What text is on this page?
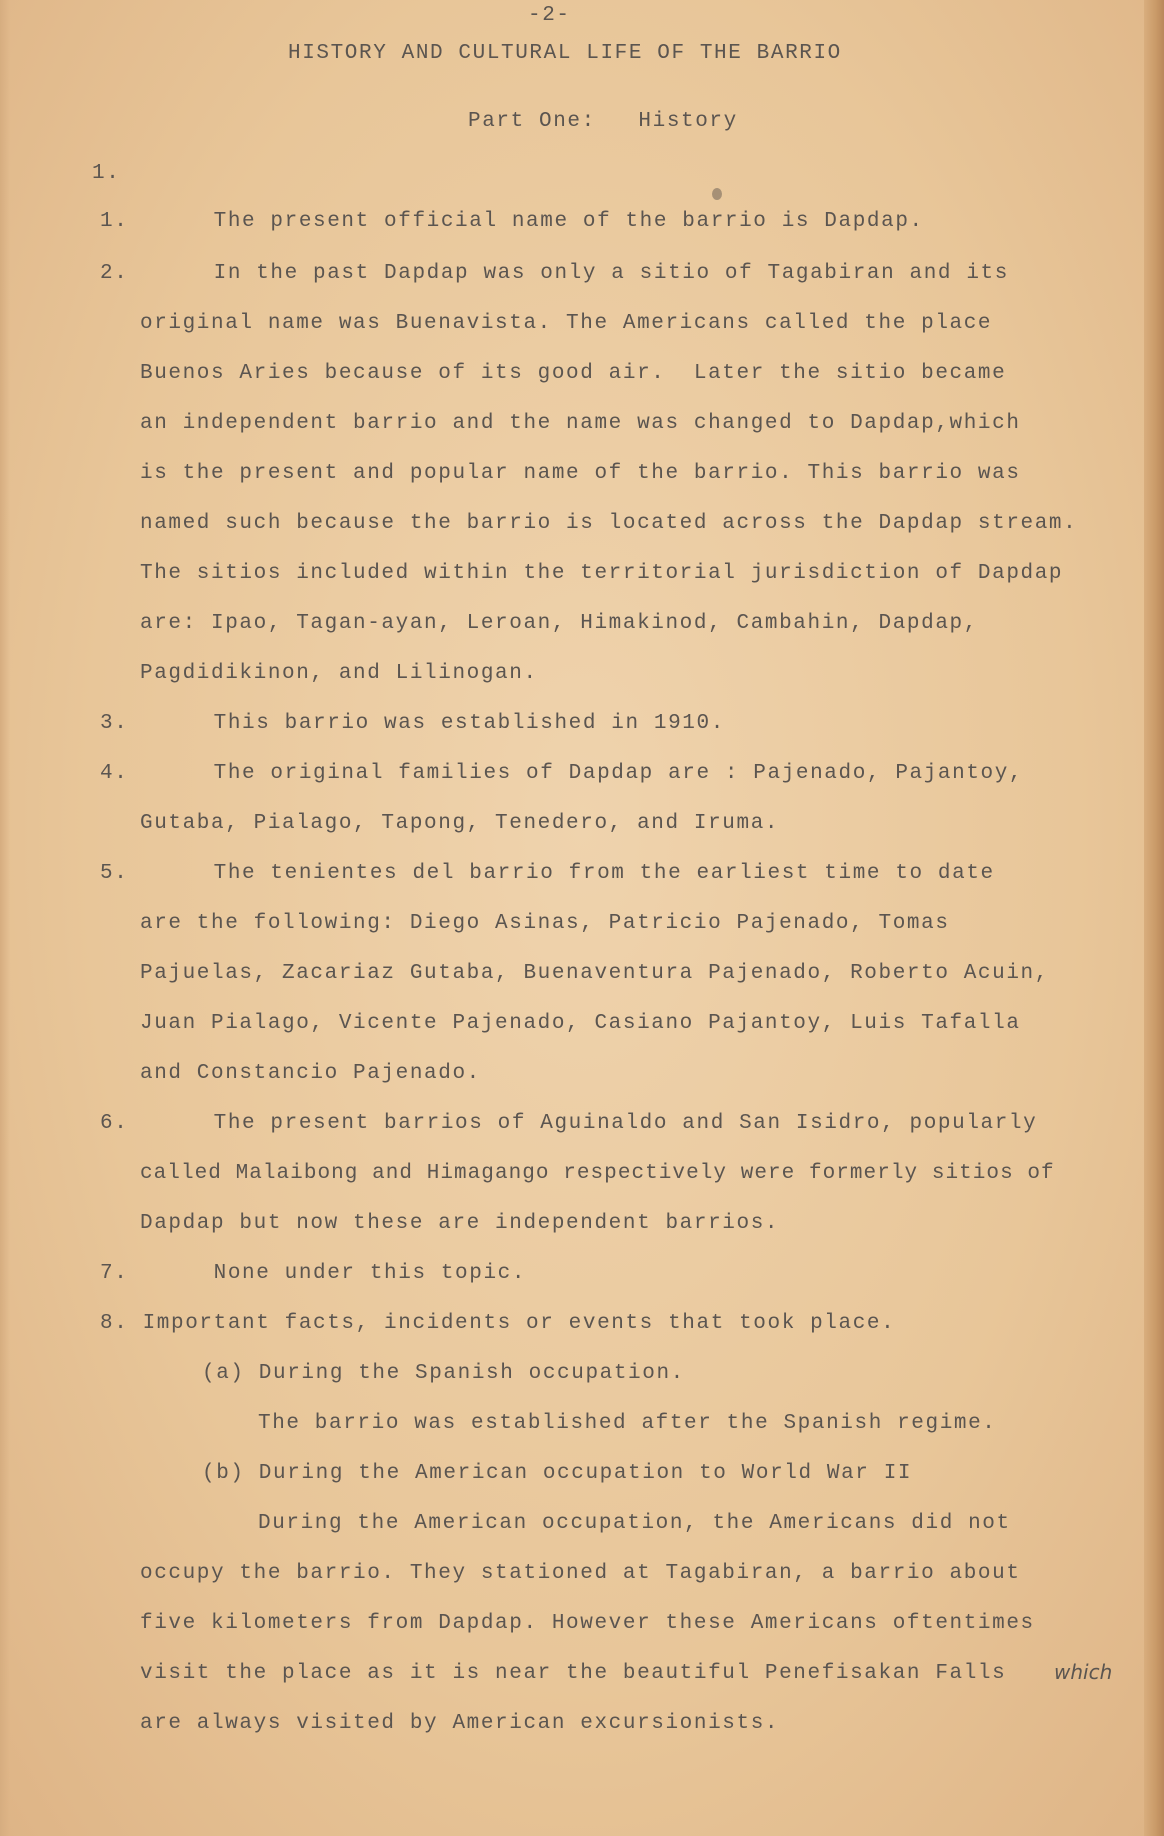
-2-
HISTORY AND CULTURAL LIFE OF THE BARRIO
Part One:   History
1.
1.      The present official name of the barrio is Dapdap.
2.      In the past Dapdap was only a sitio of Tagabiran and its
original name was Buenavista. The Americans called the place
Buenos Aries because of its good air.  Later the sitio became
an independent barrio and the name was changed to Dapdap,which
is the present and popular name of the barrio. This barrio was
named such because the barrio is located across the Dapdap stream.
The sitios included within the territorial jurisdiction of Dapdap
are: Ipao, Tagan-ayan, Leroan, Himakinod, Cambahin, Dapdap,
Pagdidikinon, and Lilinogan.
3.      This barrio was established in 1910.
4.      The original families of Dapdap are : Pajenado, Pajantoy,
Gutaba, Pialago, Tapong, Tenedero, and Iruma.
5.      The tenientes del barrio from the earliest time to date
are the following: Diego Asinas, Patricio Pajenado, Tomas
Pajuelas, Zacariaz Gutaba, Buenaventura Pajenado, Roberto Acuin,
Juan Pialago, Vicente Pajenado, Casiano Pajantoy, Luis Tafalla
and Constancio Pajenado.
6.      The present barrios of Aguinaldo and San Isidro, popularly
called Malaibong and Himagango respectively were formerly sitios of
Dapdap but now these are independent barrios.
7.      None under this topic.
8. Important facts, incidents or events that took place.
(a) During the Spanish occupation.
The barrio was established after the Spanish regime.
(b) During the American occupation to World War II
During the American occupation, the Americans did not
occupy the barrio. They stationed at Tagabiran, a barrio about
five kilometers from Dapdap. However these Americans oftentimes
visit the place as it is near the beautiful Penefisakan Falls which
are always visited by American excursionists.
